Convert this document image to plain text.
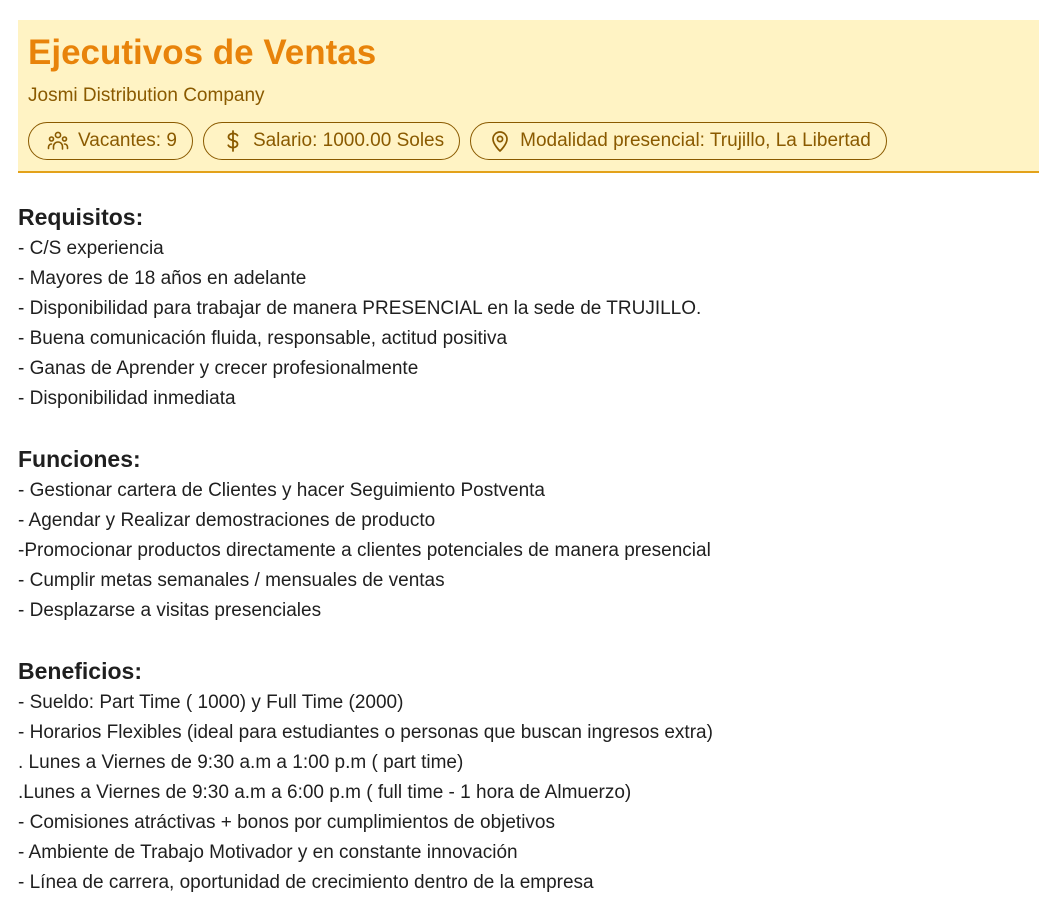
Ejecutivos de Ventas
Josmi Distribution Company
Vacantes: 9	Salario: 1000.00 Soles	Modalidad presencial: Trujillo, La Libertad
Requisitos:
- C/S experiencia
- Mayores de 18 años en adelante
- Disponibilidad para trabajar de manera PRESENCIAL en la sede de TRUJILLO.
- Buena comunicación fluida, responsable, actitud positiva
- Ganas de Aprender y crecer profesionalmente
- Disponibilidad inmediata
Funciones:
- Gestionar cartera de Clientes y hacer Seguimiento Postventa
- Agendar y Realizar demostraciones de producto
-Promocionar productos directamente a clientes potenciales de manera presencial
- Cumplir metas semanales / mensuales de ventas
- Desplazarse a visitas presenciales
Beneficios:
- Sueldo: Part Time ( 1000) y Full Time (2000)
- Horarios Flexibles (ideal para estudiantes o personas que buscan ingresos extra)
. Lunes a Viernes de 9:30 a.m a 1:00 p.m ( part time)
.Lunes a Viernes de 9:30 a.m a 6:00 p.m ( full time - 1 hora de Almuerzo)
- Comisiones atráctivas + bonos por cumplimientos de objetivos
- Ambiente de Trabajo Motivador y en constante innovación
- Línea de carrera, oportunidad de crecimiento dentro de la empresa
